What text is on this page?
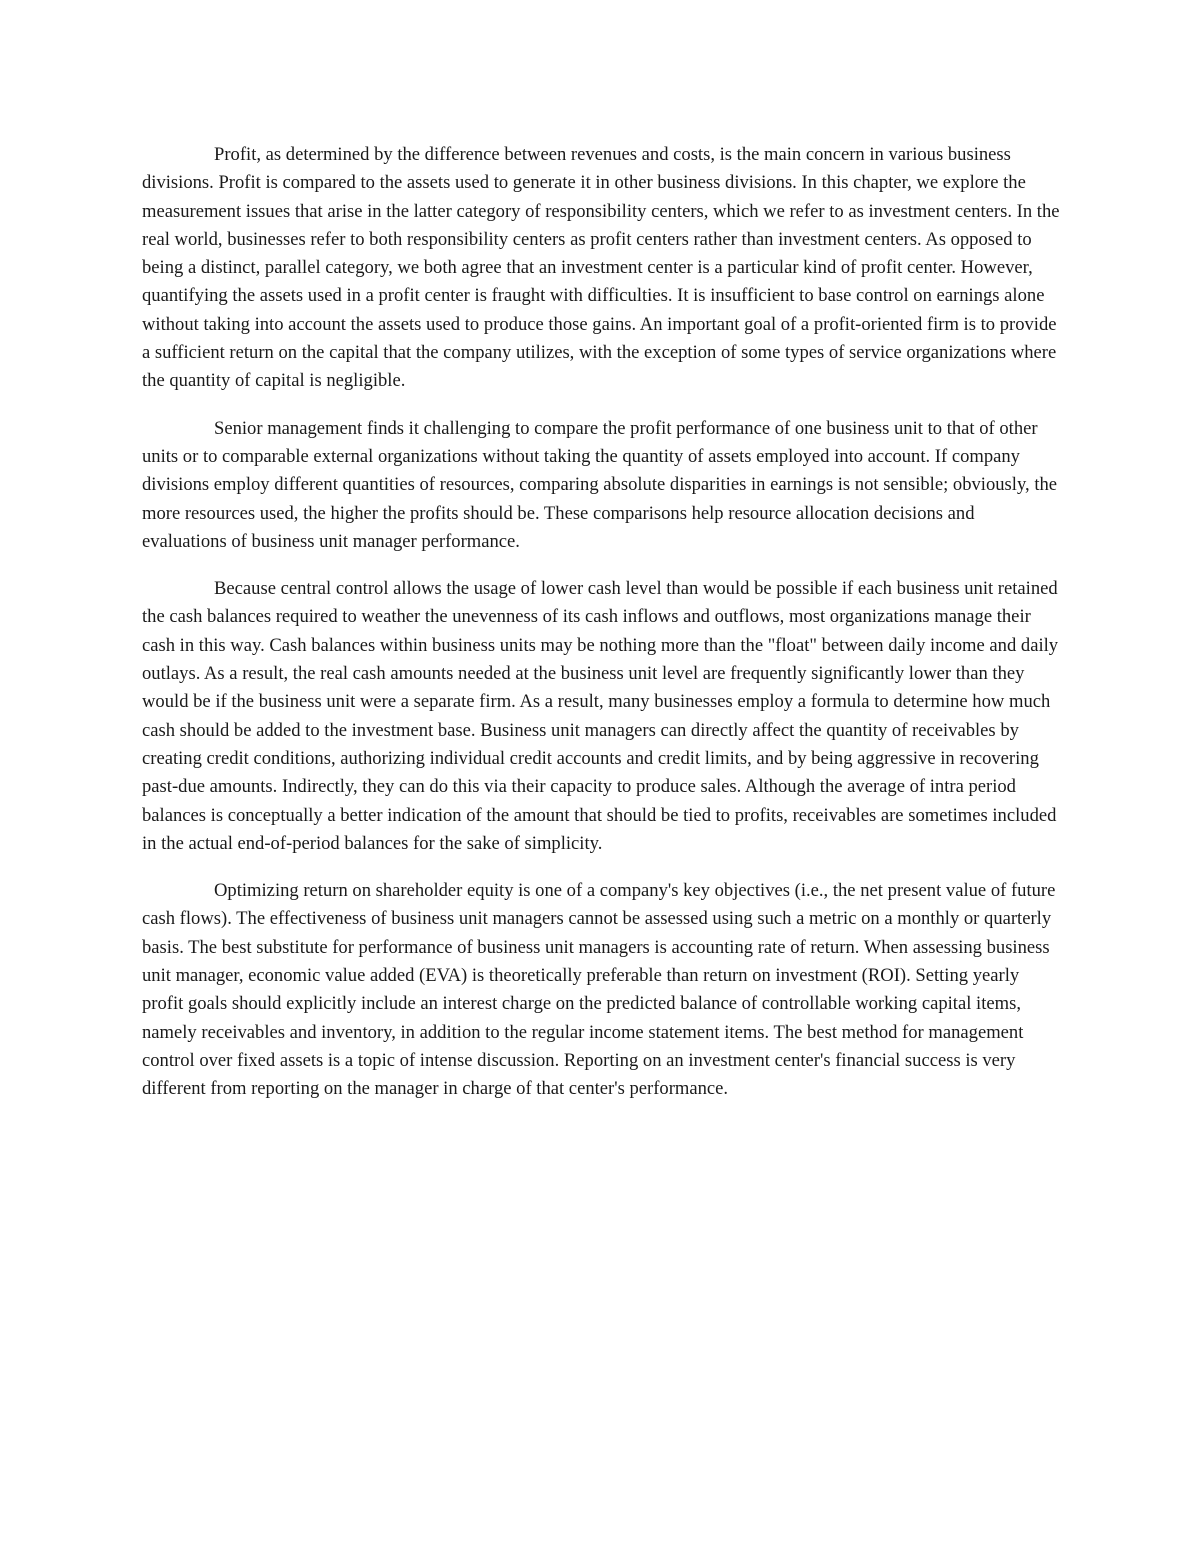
Profit, as determined by the difference between revenues and costs, is the main concern in various business divisions. Profit is compared to the assets used to generate it in other business divisions. In this chapter, we explore the measurement issues that arise in the latter category of responsibility centers, which we refer to as investment centers. In the real world, businesses refer to both responsibility centers as profit centers rather than investment centers. As opposed to being a distinct, parallel category, we both agree that an investment center is a particular kind of profit center. However, quantifying the assets used in a profit center is fraught with difficulties. It is insufficient to base control on earnings alone without taking into account the assets used to produce those gains. An important goal of a profit-oriented firm is to provide a sufficient return on the capital that the company utilizes, with the exception of some types of service organizations where the quantity of capital is negligible.

Senior management finds it challenging to compare the profit performance of one business unit to that of other units or to comparable external organizations without taking the quantity of assets employed into account. If company divisions employ different quantities of resources, comparing absolute disparities in earnings is not sensible; obviously, the more resources used, the higher the profits should be. These comparisons help resource allocation decisions and evaluations of business unit manager performance.

Because central control allows the usage of lower cash level than would be possible if each business unit retained the cash balances required to weather the unevenness of its cash inflows and outflows, most organizations manage their cash in this way. Cash balances within business units may be nothing more than the "float" between daily income and daily outlays. As a result, the real cash amounts needed at the business unit level are frequently significantly lower than they would be if the business unit were a separate firm. As a result, many businesses employ a formula to determine how much cash should be added to the investment base. Business unit managers can directly affect the quantity of receivables by creating credit conditions, authorizing individual credit accounts and credit limits, and by being aggressive in recovering past-due amounts. Indirectly, they can do this via their capacity to produce sales. Although the average of intra period balances is conceptually a better indication of the amount that should be tied to profits, receivables are sometimes included in the actual end-of-period balances for the sake of simplicity.

Optimizing return on shareholder equity is one of a company's key objectives (i.e., the net present value of future cash flows). The effectiveness of business unit managers cannot be assessed using such a metric on a monthly or quarterly basis. The best substitute for performance of business unit managers is accounting rate of return. When assessing business unit manager, economic value added (EVA) is theoretically preferable than return on investment (ROI). Setting yearly profit goals should explicitly include an interest charge on the predicted balance of controllable working capital items, namely receivables and inventory, in addition to the regular income statement items. The best method for management control over fixed assets is a topic of intense discussion. Reporting on an investment center's financial success is very different from reporting on the manager in charge of that center's performance.
